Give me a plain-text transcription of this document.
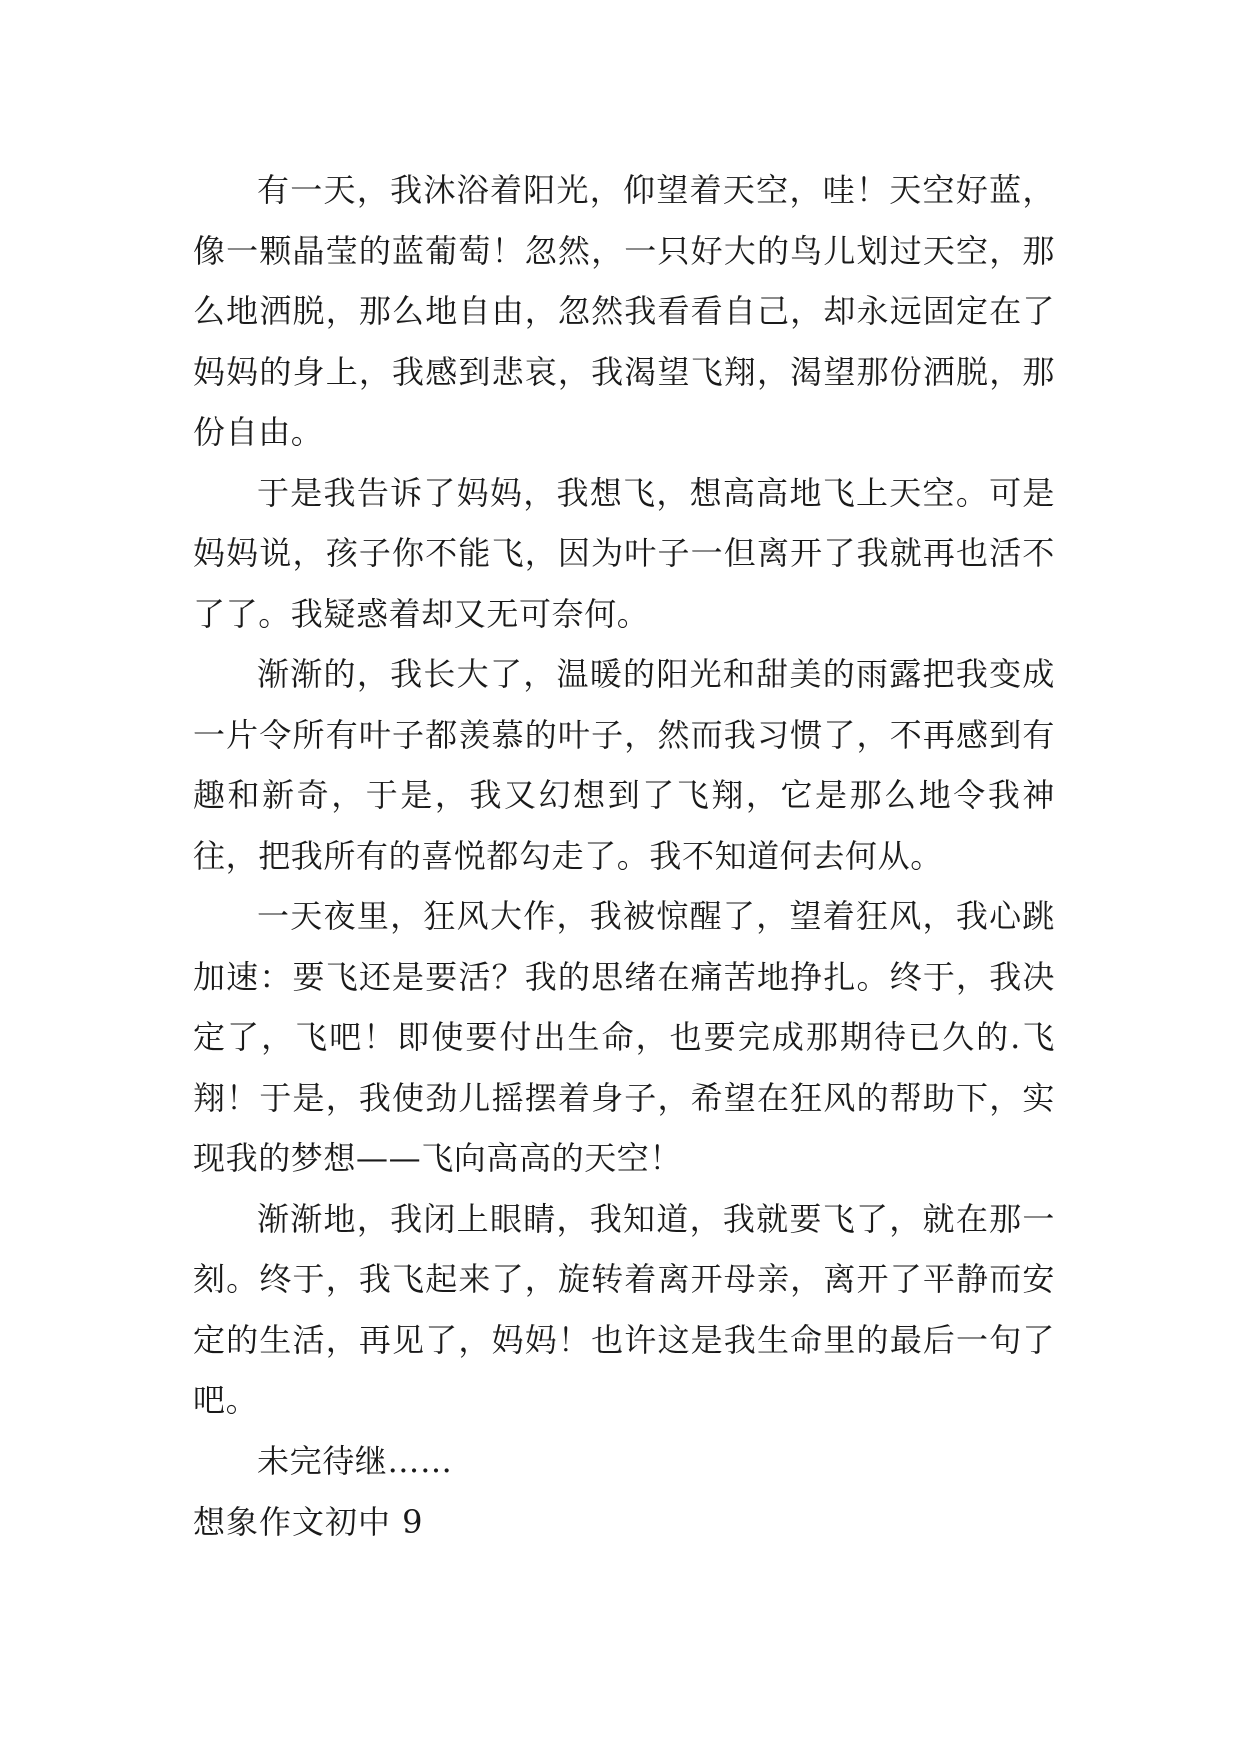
有一天，我沐浴着阳光，仰望着天空，哇！天空好蓝，像一颗晶莹的蓝葡萄！忽然，一只好大的鸟儿划过天空，那么地洒脱，那么地自由，忽然我看看自己，却永远固定在了妈妈的身上，我感到悲哀，我渴望飞翔，渴望那份洒脱，那份自由。

于是我告诉了妈妈，我想飞，想高高地飞上天空。可是妈妈说，孩子你不能飞，因为叶子一但离开了我就再也活不了了。我疑惑着却又无可奈何。

渐渐的，我长大了，温暖的阳光和甜美的雨露把我变成一片令所有叶子都羡慕的叶子，然而我习惯了，不再感到有趣和新奇，于是，我又幻想到了飞翔，它是那么地令我神往，把我所有的喜悦都勾走了。我不知道何去何从。

一天夜里，狂风大作，我被惊醒了，望着狂风，我心跳加速：要飞还是要活？我的思绪在痛苦地挣扎。终于，我决定了，飞吧！即使要付出生命，也要完成那期待已久的.飞翔！于是，我使劲儿摇摆着身子，希望在狂风的帮助下，实现我的梦想——飞向高高的天空！

渐渐地，我闭上眼睛，我知道，我就要飞了，就在那一刻。终于，我飞起来了，旋转着离开母亲，离开了平静而安定的生活，再见了，妈妈！也许这是我生命里的最后一句了吧。

未完待继……

想象作文初中 9
